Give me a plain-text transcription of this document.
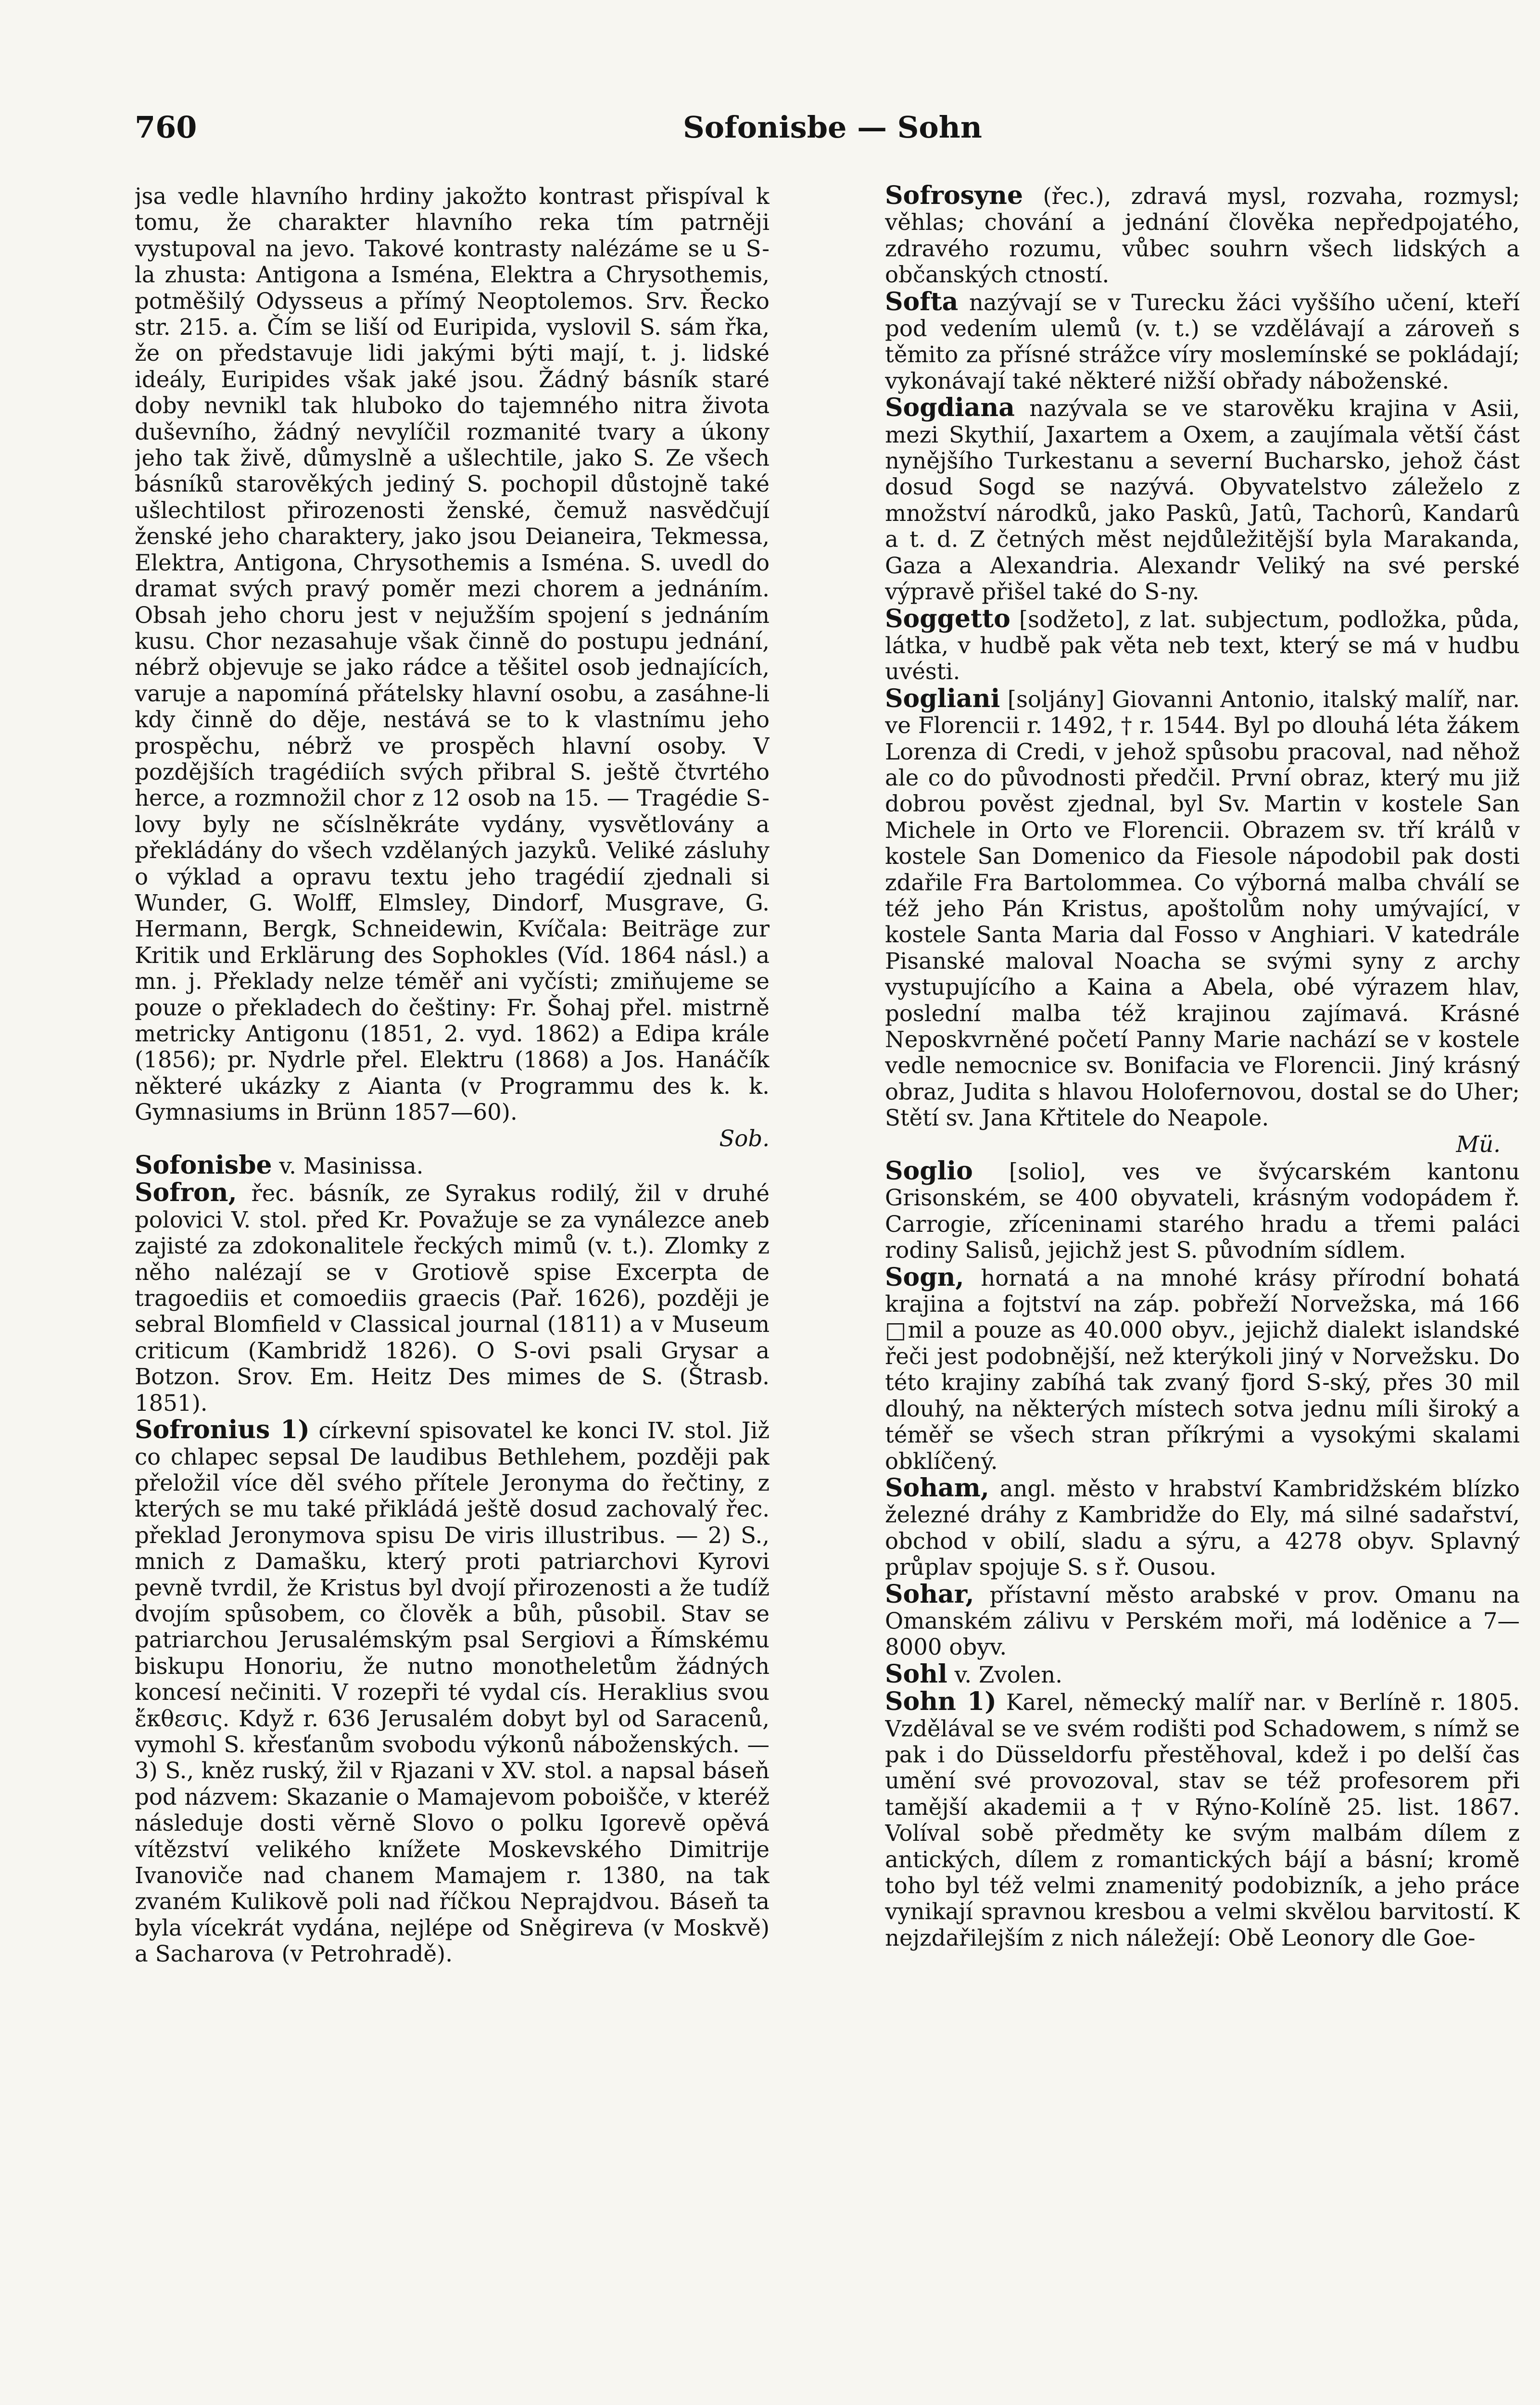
760	Sofonisbe — Sohn

jsa vedle hlavního hrdiny jakožto kontrast přispíval k tomu, že charakter hlavního reka tím patrněji vystupoval na jevo. Takové kontrasty nalézáme se u S-la zhusta: Antigona a Isména, Elektra a Chrysothemis, potměšilý Odysseus a přímý Neoptolemos. Srv. Řecko str. 215. a. Čím se liší od Euripida, vyslovil S. sám řka, že on představuje lidi jakými býti mají, t. j. lidské ideály, Euripides však jaké jsou. Žádný básník staré doby nevnikl tak hluboko do tajemného nitra života duševního, žádný nevylíčil rozmanité tvary a úkony jeho tak živě, důmyslně a ušlechtile, jako S. Ze všech básníků starověkých jediný S. pochopil důstojně také ušlechtilost přirozenosti ženské, čemuž nasvědčují ženské jeho charaktery, jako jsou Deianeira, Tekmessa, Elektra, Antigona, Chrysothemis a Isména. S. uvedl do dramat svých pravý poměr mezi chorem a jednáním. Obsah jeho choru jest v nejužším spojení s jednáním kusu. Chor nezasahuje však činně do postupu jednání, nébrž objevuje se jako rádce a těšitel osob jednajících, varuje a napomíná přátelsky hlavní osobu, a zasáhne-li kdy činně do děje, nestává se to k vlastnímu jeho prospěchu, nébrž ve prospěch hlavní osoby. V pozdějších tragédiích svých přibral S. ještě čtvrtého herce, a rozmnožil chor z 12 osob na 15. — Tragédie S-lovy byly ne sčíslněkráte vydány, vysvětlovány a překládány do všech vzdělaných jazyků. Veliké zásluhy o výklad a opravu textu jeho tragédií zjednali si Wunder, G. Wolff, Elmsley, Dindorf, Musgrave, G. Hermann, Bergk, Schneidewin, Kvíčala: Beiträge zur Kritik und Erklärung des Sophokles (Víd. 1864 násl.) a mn. j. Překlady nelze téměř ani vyčísti; zmiňujeme se pouze o překladech do češtiny: Fr. Šohaj přel. mistrně metricky Antigonu (1851, 2. vyd. 1862) a Edipa krále (1856); pr. Nydrle přel. Elektru (1868) a Jos. Hanáčík některé ukázky z Aianta (v Programmu des k. k. Gymnasiums in Brünn 1857—60).
Sob.

Sofonisbe v. Masinissa.

Sofron, řec. básník, ze Syrakus rodilý, žil v druhé polovici V. stol. před Kr. Považuje se za vynálezce aneb zajisté za zdokonalitele řeckých mimů (v. t.). Zlomky z něho nalézají se v Grotiově spise Excerpta de tragoediis et comoediis graecis (Pař. 1626), později je sebral Blomfield v Classical journal (1811) a v Museum criticum (Kambridž 1826). O S-ovi psali Grysar a Botzon. Srov. Em. Heitz Des mimes de S. (Štrasb. 1851).

Sofronius 1) církevní spisovatel ke konci IV. stol. Již co chlapec sepsal De laudibus Bethlehem, později pak přeložil více děl svého přítele Jeronyma do řečtiny, z kterých se mu také přikládá ještě dosud zachovalý řec. překlad Jeronymova spisu De viris illustribus. — 2) S., mnich z Damašku, který proti patriarchovi Kyrovi pevně tvrdil, že Kristus byl dvojí přirozenosti a že tudíž dvojím spůsobem, co člověk a bůh, působil. Stav se patriarchou Jerusalémským psal Sergiovi a Římskému biskupu Honoriu, že nutno monotheletům žádných koncesí nečiniti. V rozepři té vydal cís. Heraklius svou ἔκθεσις. Když r. 636 Jerusalém dobyt byl od Saracenů, vymohl S. křesťanům svobodu výkonů náboženských. — 3) S., kněz ruský, žil v Rjazani v XV. stol. a napsal báseň pod názvem: Skazanie o Mamajevom poboišče, v kteréž následuje dosti věrně Slovo o polku Igorevě opěvá vítězství velikého knížete Moskevského Dimitrije Ivanoviče nad chanem Mamajem r. 1380, na tak zvaném Kulikově poli nad říčkou Neprajdvou. Báseň ta byla vícekrát vydána, nejlépe od Sněgireva (v Moskvě) a Sacharova (v Petrohradě).

Sofrosyne (řec.), zdravá mysl, rozvaha, rozmysl; věhlas; chování a jednání člověka nepředpojatého, zdravého rozumu, vůbec souhrn všech lidských a občanských ctností.

Softa nazývají se v Turecku žáci vyššího učení, kteří pod vedením ulemů (v. t.) se vzdělávají a zároveň s těmito za přísné strážce víry moslemínské se pokládají; vykonávají také některé nižší obřady náboženské.

Sogdiana nazývala se ve starověku krajina v Asii, mezi Skythií, Jaxartem a Oxem, a zaujímala větší část nynějšího Turkestanu a severní Bucharsko, jehož část dosud Sogd se nazývá. Obyvatelstvo záleželo z množství národků, jako Paskû, Jatû, Tachorû, Kandarû a t. d. Z četných měst nejdůležitější byla Marakanda, Gaza a Alexandria. Alexandr Veliký na své perské výpravě přišel také do S-ny.

Soggetto [sodžeto], z lat. subjectum, podložka, půda, látka, v hudbě pak věta neb text, který se má v hudbu uvésti.

Sogliani [soljány] Giovanni Antonio, italský malíř, nar. ve Florencii r. 1492, † r. 1544. Byl po dlouhá léta žákem Lorenza di Credi, v jehož spůsobu pracoval, nad něhož ale co do původnosti předčil. První obraz, který mu již dobrou pověst zjednal, byl Sv. Martin v kostele San Michele in Orto ve Florencii. Obrazem sv. tří králů v kostele San Domenico da Fiesole nápodobil pak dosti zdařile Fra Bartolommea. Co výborná malba chválí se též jeho Pán Kristus, apoštolům nohy umývající, v kostele Santa Maria dal Fosso v Anghiari. V katedrále Pisanské maloval Noacha se svými syny z archy vystupujícího a Kaina a Abela, obé výrazem hlav, poslední malba též krajinou zajímavá. Krásné Neposkvrněné početí Panny Marie nachází se v kostele vedle nemocnice sv. Bonifacia ve Florencii. Jiný krásný obraz, Judita s hlavou Holofernovou, dostal se do Uher; Stětí sv. Jana Křtitele do Neapole.
Mü.

Soglio [solio], ves ve švýcarském kantonu Grisonském, se 400 obyvateli, krásným vodopádem ř. Carrogie, zříceninami starého hradu a třemi paláci rodiny Salisů, jejichž jest S. původním sídlem.

Sogn, hornatá a na mnohé krásy přírodní bohatá krajina a fojtství na záp. pobřeží Norvežska, má 166 □mil a pouze as 40.000 obyv., jejichž dialekt islandské řeči jest podobnější, než kterýkoli jiný v Norvežsku. Do této krajiny zabíhá tak zvaný fjord S-ský, přes 30 mil dlouhý, na některých místech sotva jednu míli široký a téměř se všech stran příkrými a vysokými skalami obklíčený.

Soham, angl. město v hrabství Kambridžském blízko železné dráhy z Kambridže do Ely, má silné sadařství, obchod v obilí, sladu a sýru, a 4278 obyv. Splavný průplav spojuje S. s ř. Ousou.

Sohar, přístavní město arabské v prov. Omanu na Omanském zálivu v Perském moři, má loděnice a 7—8000 obyv.

Sohl v. Zvolen.

Sohn 1) Karel, německý malíř nar. v Berlíně r. 1805. Vzdělával se ve svém rodišti pod Schadowem, s nímž se pak i do Düsseldorfu přestěhoval, kdež i po delší čas umění své provozoval, stav se též profesorem při tamější akademii a † v Rýno-Kolíně 25. list. 1867. Volíval sobě předměty ke svým malbám dílem z antických, dílem z romantických bájí a básní; kromě toho byl též velmi znamenitý podobizník, a jeho práce vynikají spravnou kresbou a velmi skvělou barvitostí. K nejzdařilejším z nich náležejí: Obě Leonory dle Goe-
